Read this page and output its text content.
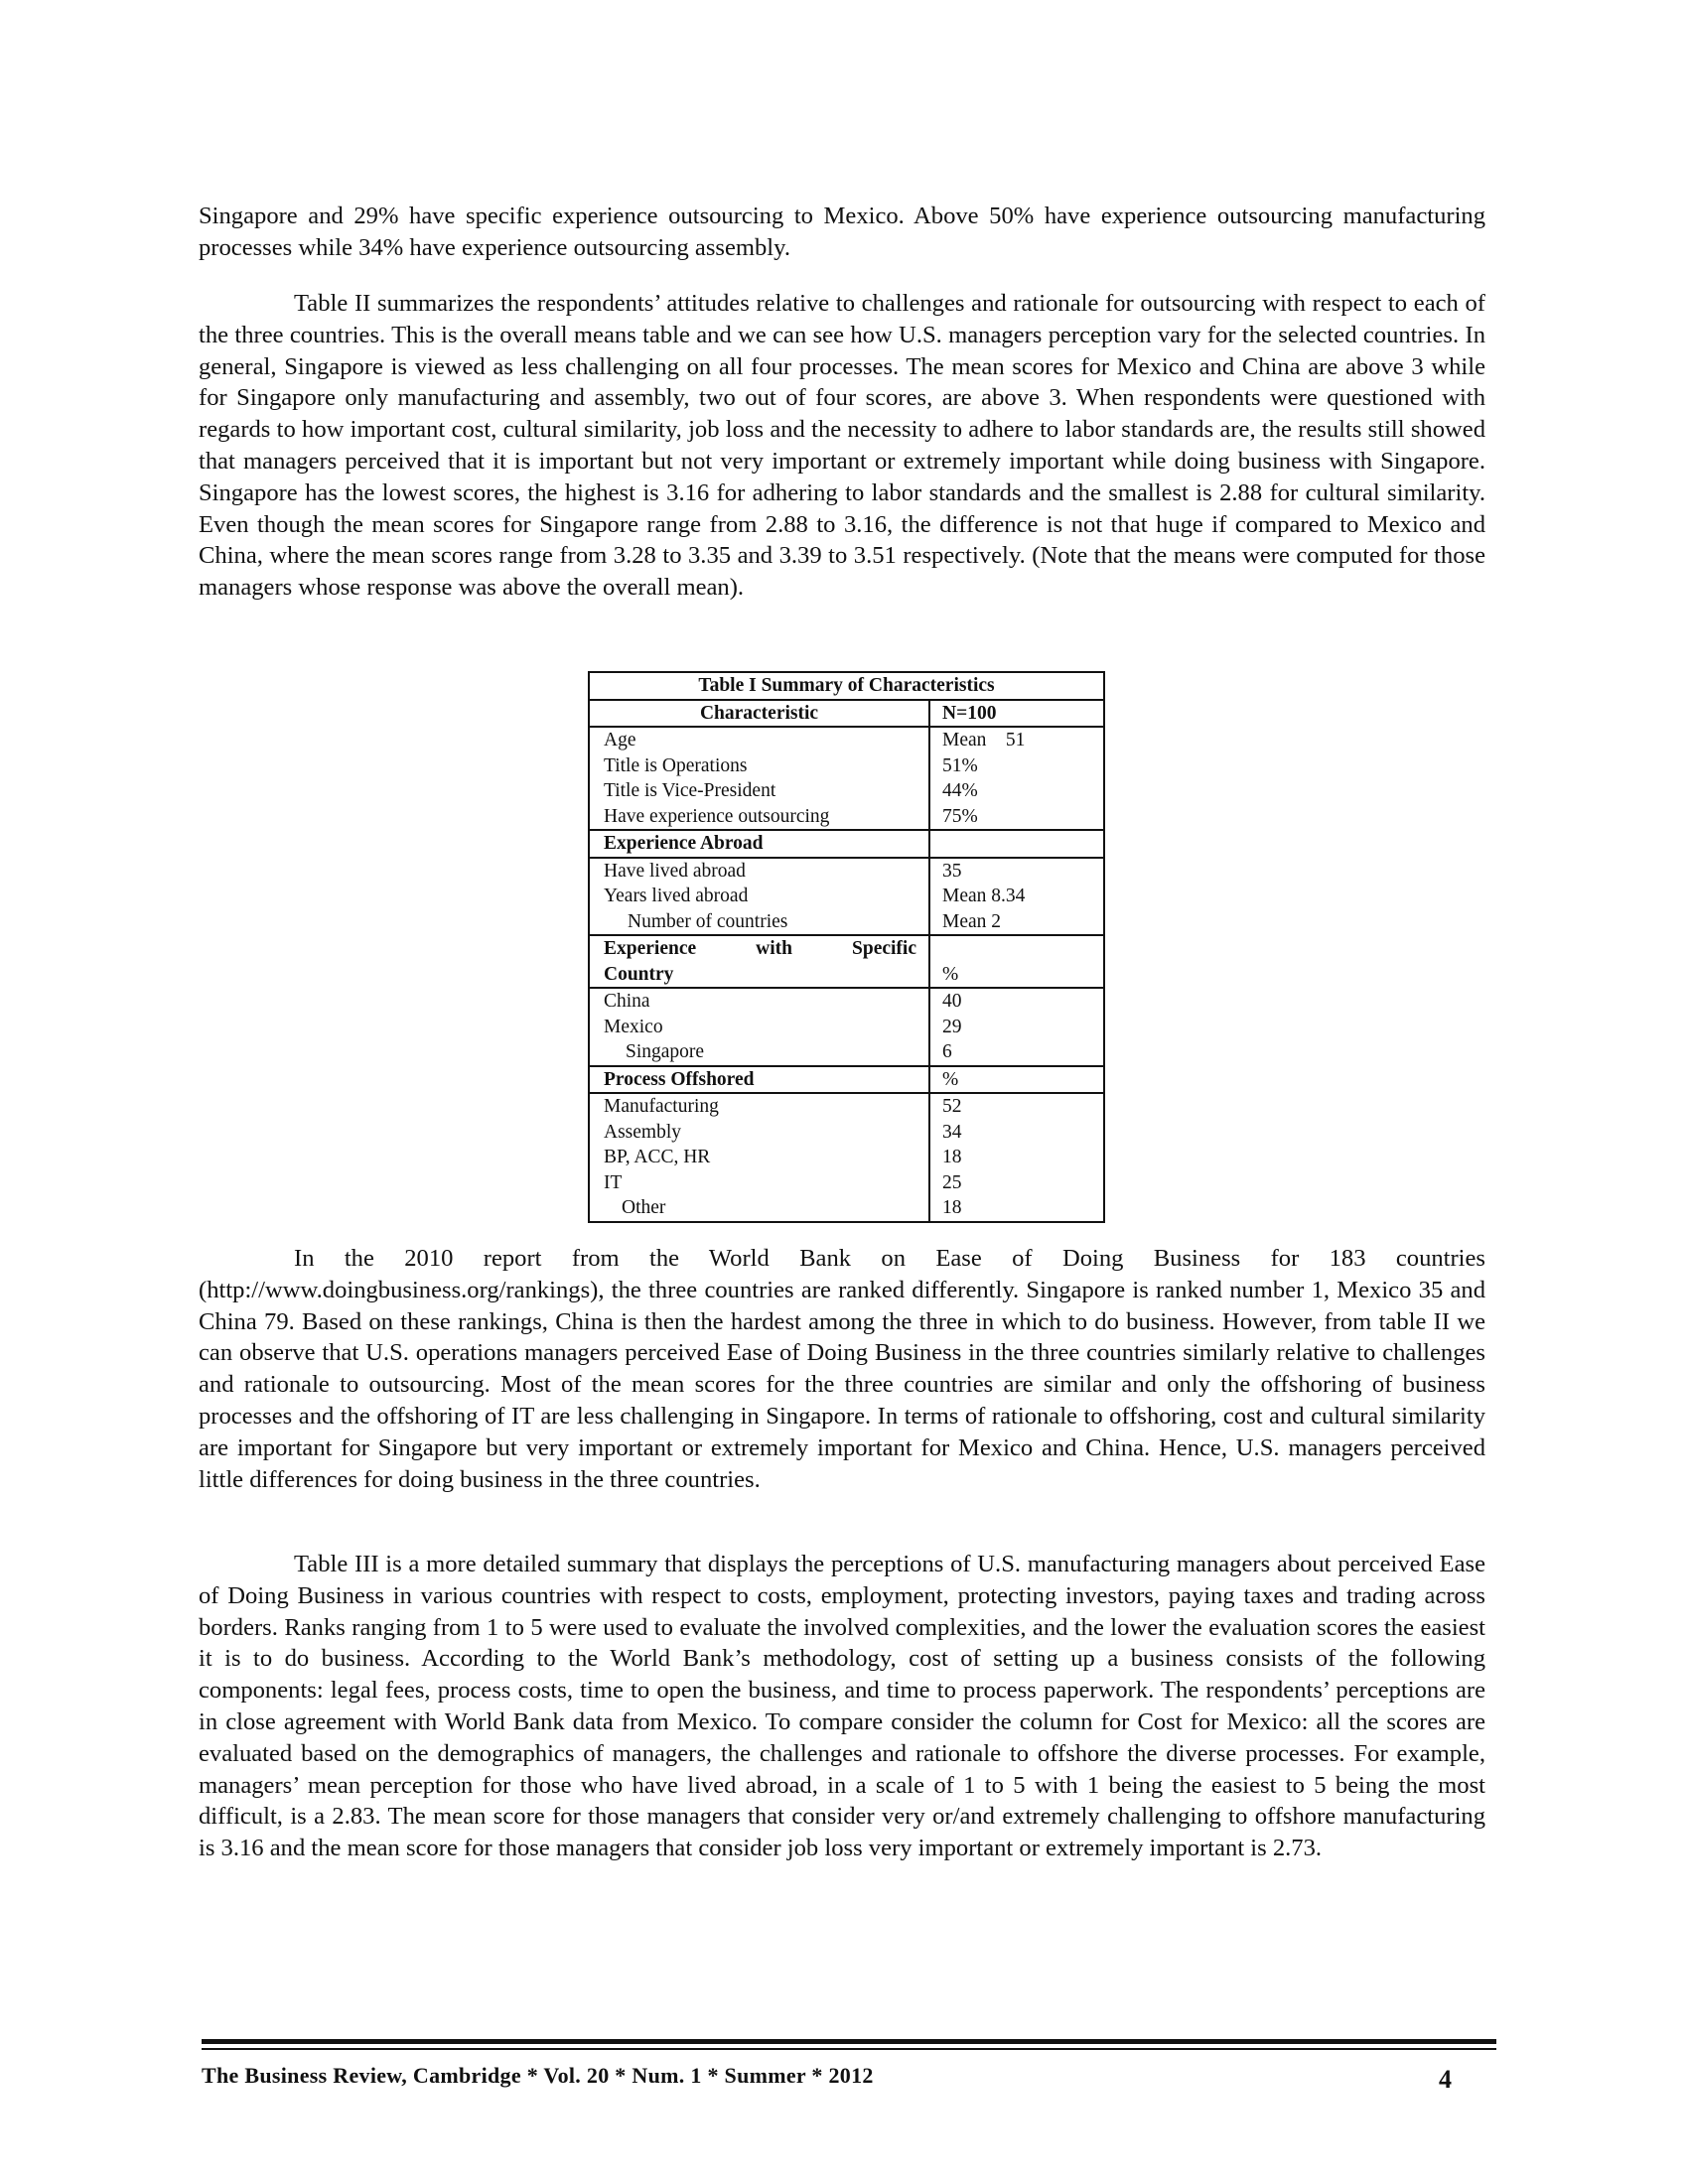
Singapore and 29% have specific experience outsourcing to Mexico. Above 50% have experience outsourcing manufacturing processes while 34% have experience outsourcing assembly.

Table II summarizes the respondents’ attitudes relative to challenges and rationale for outsourcing with respect to each of the three countries. This is the overall means table and we can see how U.S. managers perception vary for the selected countries. In general, Singapore is viewed as less challenging on all four processes. The mean scores for Mexico and China are above 3 while for Singapore only manufacturing and assembly, two out of four scores, are above 3. When respondents were questioned with regards to how important cost, cultural similarity, job loss and the necessity to adhere to labor standards are, the results still showed that managers perceived that it is important but not very important or extremely important while doing business with Singapore. Singapore has the lowest scores, the highest is 3.16 for adhering to labor standards and the smallest is 2.88 for cultural similarity. Even though the mean scores for Singapore range from 2.88 to 3.16, the difference is not that huge if compared to Mexico and China, where the mean scores range from 3.28 to 3.35 and 3.39 to 3.51 respectively. (Note that the means were computed for those managers whose response was above the overall mean).

Table I Summary of Characteristics	
Characteristic	N=100
Age	Mean 51
Title is Operations	51%
Title is Vice-President	44%
Have experience outsourcing	75%
Experience Abroad	
Have lived abroad	35
Years lived abroad	Mean 8.34
Number of countries	Mean 2

Experience with Specific
Country	%

China	40
Mexico	29
Singapore	6
Process Offshored	%
Manufacturing	52
Assembly	34
BP, ACC, HR	18
IT	25
Other	18

In the 2010 report from the World Bank on Ease of Doing Business for 183 countries (http://www.doingbusiness.org/rankings), the three countries are ranked differently. Singapore is ranked number 1, Mexico 35 and China 79. Based on these rankings, China is then the hardest among the three in which to do business. However, from table II we can observe that U.S. operations managers perceived Ease of Doing Business in the three countries similarly relative to challenges and rationale to outsourcing. Most of the mean scores for the three countries are similar and only the offshoring of business processes and the offshoring of IT are less challenging in Singapore. In terms of rationale to offshoring, cost and cultural similarity are important for Singapore but very important or extremely important for Mexico and China. Hence, U.S. managers perceived little differences for doing business in the three countries.

Table III is a more detailed summary that displays the perceptions of U.S. manufacturing managers about perceived Ease of Doing Business in various countries with respect to costs, employment, protecting investors, paying taxes and trading across borders. Ranks ranging from 1 to 5 were used to evaluate the involved complexities, and the lower the evaluation scores the easiest it is to do business. According to the World Bank’s methodology, cost of setting up a business consists of the following components: legal fees, process costs, time to open the business, and time to process paperwork. The respondents’ perceptions are in close agreement with World Bank data from Mexico. To compare consider the column for Cost for Mexico: all the scores are evaluated based on the demographics of managers, the challenges and rationale to offshore the diverse processes. For example, managers’ mean perception for those who have lived abroad, in a scale of 1 to 5 with 1 being the easiest to 5 being the most difficult, is a 2.83. The mean score for those managers that consider very or/and extremely challenging to offshore manufacturing is 3.16 and the mean score for those managers that consider job loss very important or extremely important is 2.73.

The Business Review, Cambridge * Vol. 20 * Num. 1 * Summer * 2012	4
